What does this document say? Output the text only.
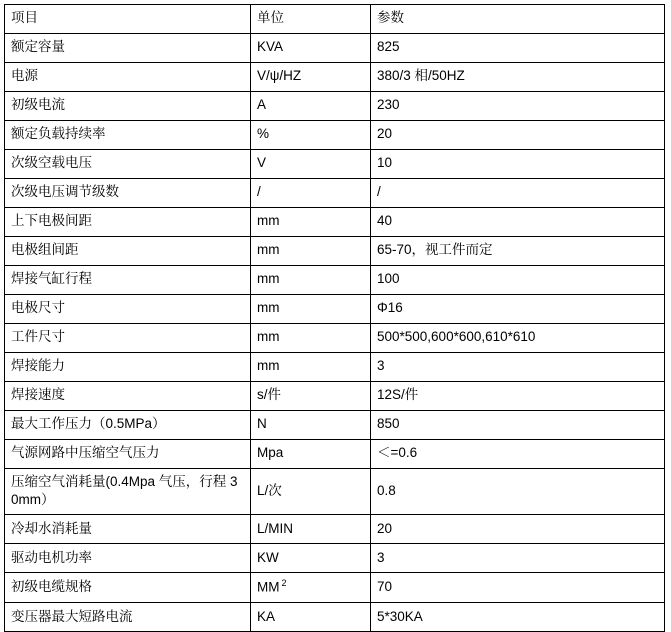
项目	单位	参数
额定容量	KVA	825
电源	V/ψ/HZ	380/3 相/50HZ
初级电流	A	230
额定负载持续率	%	20
次级空载电压	V	10
次级电压调节级数	/	/
上下电极间距	mm	40
电极组间距	mm	65-70，视工件而定
焊接气缸行程	mm	100
电极尺寸	mm	Φ16
工件尺寸	mm	500*500,600*600,610*610
焊接能力	mm	3
焊接速度	s/件	12S/件
最大工作压力（0.5MPa）	N	850
气源网路中压缩空气压力	Mpa	＜=0.6
压缩空气消耗量(0.4Mpa 气压，行程 30mm）	L/次	0.8
冷却水消耗量	L/MIN	20
驱动电机功率	KW	3
初级电缆规格	MM $^2$	70
变压器最大短路电流	KA	5*30KA
